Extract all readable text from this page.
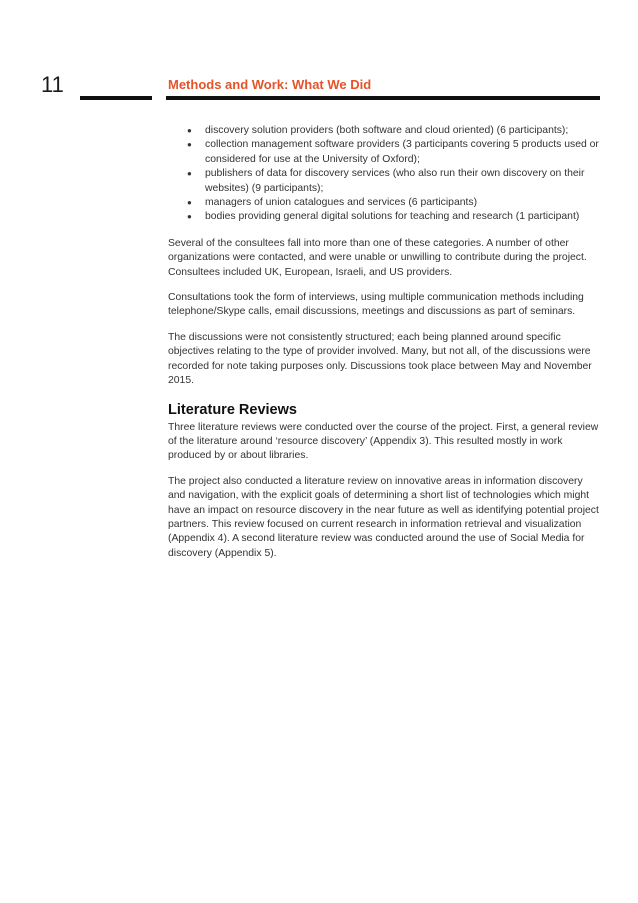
11	Methods and Work: What We Did
● discovery solution providers (both software and cloud oriented) (6 participants);
● collection management software providers (3 participants covering 5 products used or considered for use at the University of Oxford);
● publishers of data for discovery services (who also run their own discovery on their websites) (9 participants);
● managers of union catalogues and services (6 participants)
● bodies providing general digital solutions for teaching and research (1 participant)

Several of the consultees fall into more than one of these categories. A number of other organizations were contacted, and were unable or unwilling to contribute during the project. Consultees included UK, European, Israeli, and US providers.

Consultations took the form of interviews, using multiple communication methods including telephone/Skype calls, email discussions, meetings and discussions as part of seminars.

The discussions were not consistently structured; each being planned around specific objectives relating to the type of provider involved. Many, but not all, of the discussions were recorded for note taking purposes only. Discussions took place between May and November 2015.

Literature Reviews

Three literature reviews were conducted over the course of the project. First, a general review of the literature around ‘resource discovery’ (Appendix 3). This resulted mostly in work produced by or about libraries.

The project also conducted a literature review on innovative areas in information discovery and navigation, with the explicit goals of determining a short list of technologies which might have an impact on resource discovery in the near future as well as identifying potential project partners. This review focused on current research in information retrieval and visualization (Appendix 4). A second literature review was conducted around the use of Social Media for discovery (Appendix 5).
